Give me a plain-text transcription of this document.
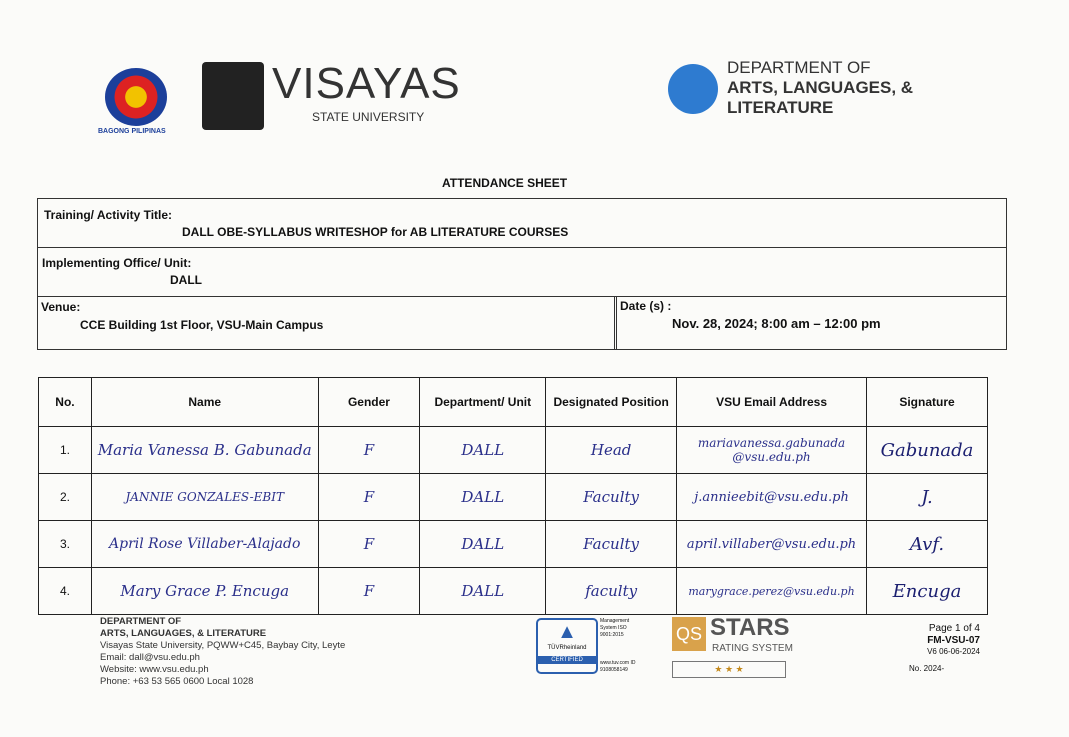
BAGONG PILIPINAS
VISAYAS
STATE UNIVERSITY
DEPARTMENT OF
ARTS, LANGUAGES, &
LITERATURE
ATTENDANCE SHEET
Training/ Activity Title:
DALL OBE-SYLLABUS WRITESHOP for AB LITERATURE COURSES
Implementing Office/ Unit:
DALL
Venue:
CCE Building 1st Floor, VSU-Main Campus
Date (s) :
Nov. 28, 2024; 8:00 am – 12:00 pm
No.	Name	Gender	Department/ Unit	Designated Position	VSU Email Address	Signature
1.	Maria Vanessa B. Gabunada	F	DALL	Head	mariavanessa.gabunada @vsu.edu.ph	Gabunada
2.	JANNIE GONZALES-EBIT	F	DALL	Faculty	j.annieebit@vsu.edu.ph	J.
3.	April Rose Villaber-Alajado	F	DALL	Faculty	april.villaber@vsu.edu.ph	Avf.
4.	Mary Grace P. Encuga	F	DALL	faculty	marygrace.perez@vsu.edu.ph	Encuga
DEPARTMENT OF
ARTS, LANGUAGES, & LITERATURE
Visayas State University, PQWW+C45, Baybay City, Leyte
Email: dall@vsu.edu.ph
Website: www.vsu.edu.ph
Phone: +63 53 565 0600 Local 1028
▲
TÜVRheinland
CERTIFIED
Management System ISO 9001:2015
www.tuv.com ID 9108058149
QS STARS
RATING SYSTEM
★ ★ ★
Page 1 of 4
FM-VSU-07
V6 06-06-2024
No. 2024-
